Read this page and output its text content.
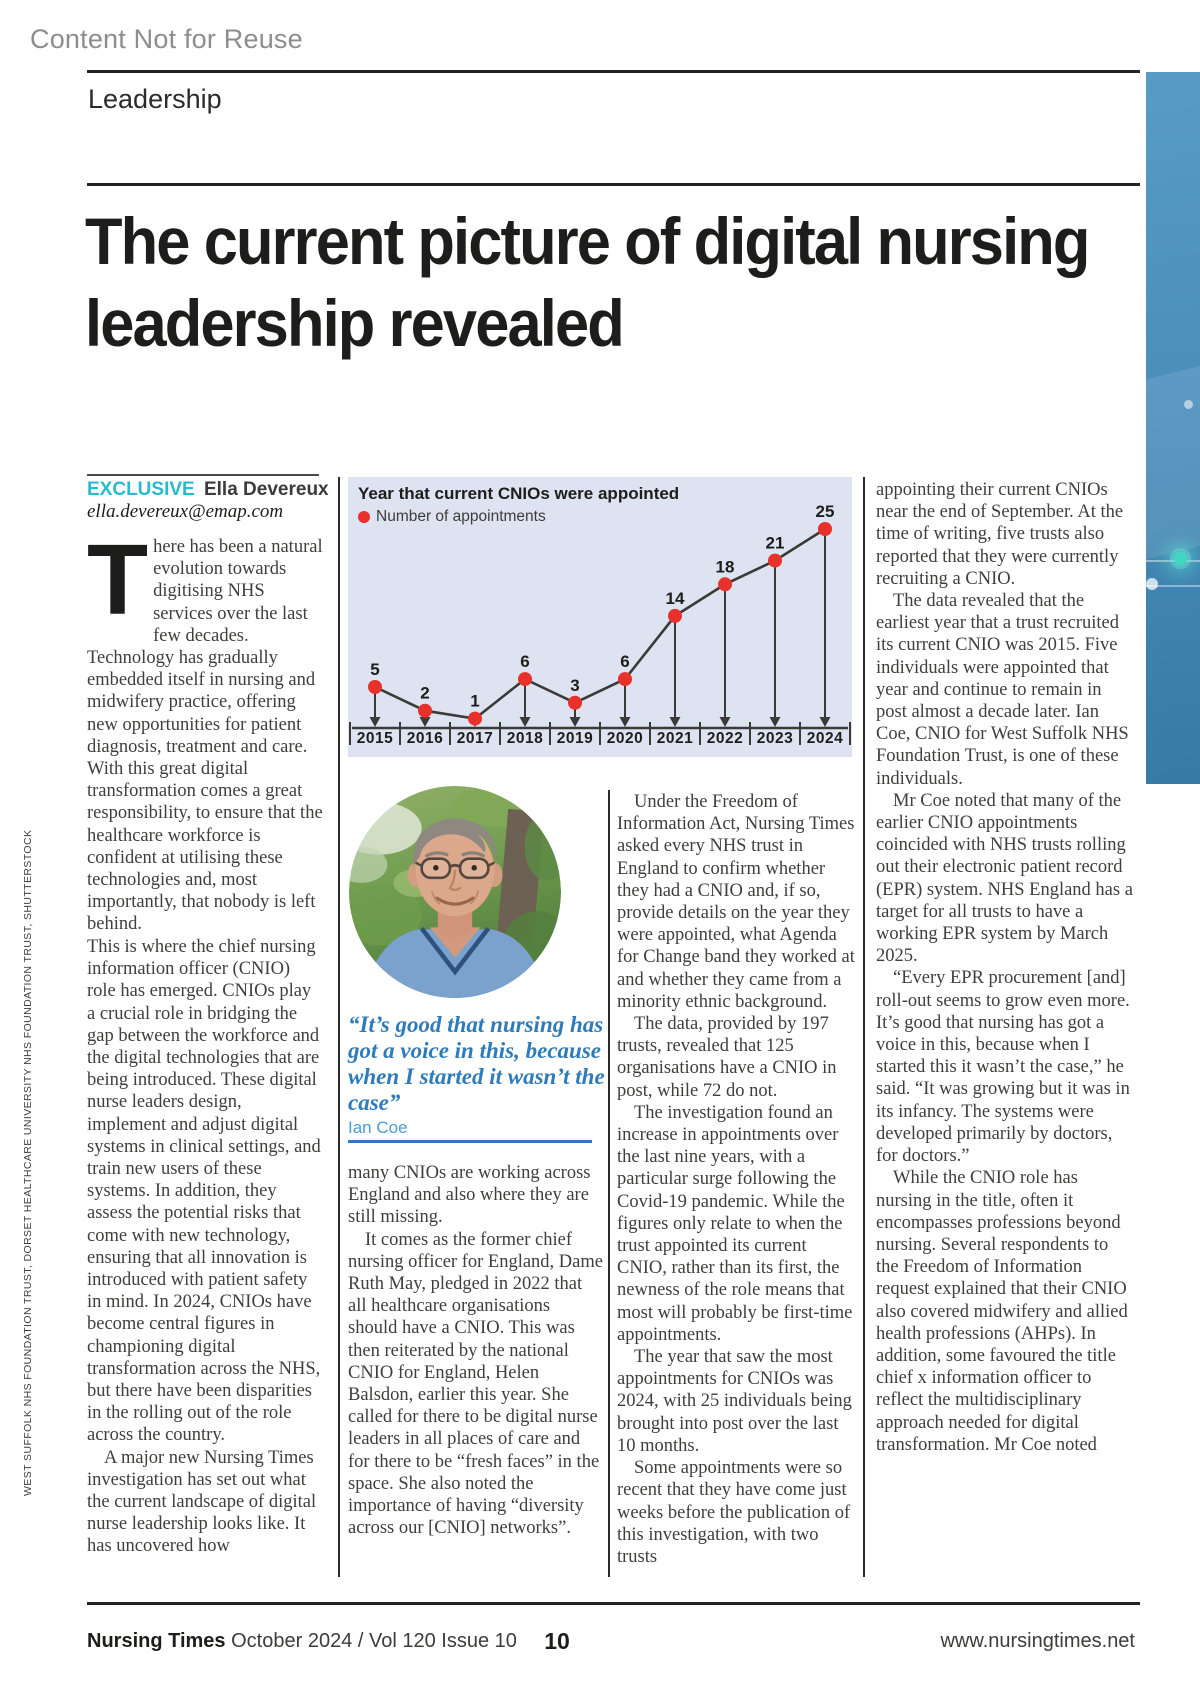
Content Not for Reuse
Leadership
The current picture of digital nursing leadership revealed
WEST SUFFOLK NHS FOUNDATION TRUST, DORSET HEALTHCARE UNIVERSITY NHS FOUNDATION TRUST, SHUTTERSTOCK
EXCLUSIVE Ella Devereux
ella.devereux@emap.com

There has been a natural evolution towards digitising NHS services over the last few decades. Technology has gradually embedded itself in nursing and midwifery practice, offering new opportunities for patient diagnosis, treatment and care. With this great digital transformation comes a great responsibility, to ensure that the healthcare workforce is confident at utilising these technologies and, most importantly, that nobody is left behind.

This is where the chief nursing information officer (CNIO) role has emerged. CNIOs play a crucial role in bridging the gap between the workforce and the digital technologies that are being introduced. These digital nurse leaders design, implement and adjust digital systems in clinical settings, and train new users of these systems. In addition, they assess the potential risks that come with new technology, ensuring that all innovation is introduced with patient safety in mind. In 2024, CNIOs have become central figures in championing digital transformation across the NHS, but there have been disparities in the rolling out of the role across the country.

A major new Nursing Times investigation has set out what the current landscape of digital nurse leadership looks like. It has uncovered how

5
2015
2
2016
1
2017
6
2018
3
2019
6
2020
14
2021
18
2022
21
2023
25
2024
Year that current CNIOs were appointed
Number of appointments

“It’s good that nursing has got a voice in this, because when I started it wasn’t the case”

Ian Coe

many CNIOs are working across England and also where they are still missing.

It comes as the former chief nursing officer for England, Dame Ruth May, pledged in 2022 that all healthcare organisations should have a CNIO. This was then reiterated by the national CNIO for England, Helen Balsdon, earlier this year. She called for there to be digital nurse leaders in all places of care and for there to be “fresh faces” in the space. She also noted the importance of having “diversity across our [CNIO] networks”.

Under the Freedom of Information Act, Nursing Times asked every NHS trust in England to confirm whether they had a CNIO and, if so, provide details on the year they were appointed, what Agenda for Change band they worked at and whether they came from a minority ethnic background.

The data, provided by 197 trusts, revealed that 125 organisations have a CNIO in post, while 72 do not.

The investigation found an increase in appointments over the last nine years, with a particular surge following the Covid-19 pandemic. While the figures only relate to when the trust appointed its current CNIO, rather than its first, the newness of the role means that most will probably be first-time appointments.

The year that saw the most appointments for CNIOs was 2024, with 25 individuals being brought into post over the last 10 months.

Some appointments were so recent that they have come just weeks before the publication of this investigation, with two trusts

appointing their current CNIOs near the end of September. At the time of writing, five trusts also reported that they were currently recruiting a CNIO.

The data revealed that the earliest year that a trust recruited its current CNIO was 2015. Five individuals were appointed that year and continue to remain in post almost a decade later. Ian Coe, CNIO for West Suffolk NHS Foundation Trust, is one of these individuals.

Mr Coe noted that many of the earlier CNIO appointments coincided with NHS trusts rolling out their electronic patient record (EPR) system. NHS England has a target for all trusts to have a working EPR system by March 2025.

“Every EPR procurement [and] roll-out seems to grow even more. It’s good that nursing has got a voice in this, because when I started this it wasn’t the case,” he said. “It was growing but it was in its infancy. The systems were developed primarily by doctors, for doctors.”

While the CNIO role has nursing in the title, often it encompasses professions beyond nursing. Several respondents to the Freedom of Information request explained that their CNIO also covered midwifery and allied health professions (AHPs). In addition, some favoured the title chief x information officer to reflect the multidisciplinary approach needed for digital transformation. Mr Coe noted

Nursing Times October 2024 / Vol 120 Issue 10	10	www.nursingtimes.net
